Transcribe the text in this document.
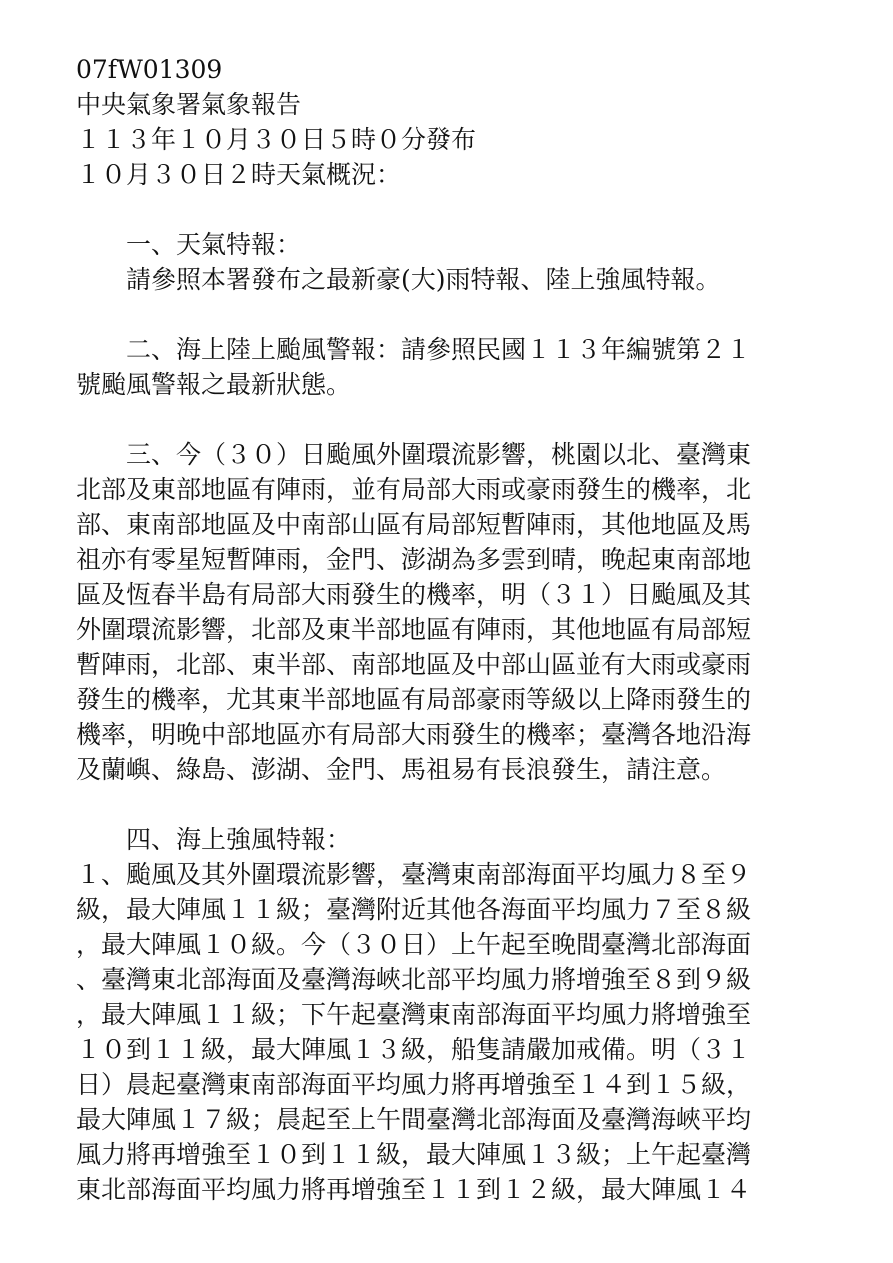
07fW01309
中央氣象署氣象報告
１１３年１０月３０日５時０分發布
１０月３０日２時天氣概況：
　　一、天氣特報：
　　請參照本署發布之最新豪(大)雨特報、陸上強風特報。
　　二、海上陸上颱風警報：請參照民國１１３年編號第２１
號颱風警報之最新狀態。
　　三、今（３０）日颱風外圍環流影響，桃園以北、臺灣東
北部及東部地區有陣雨，並有局部大雨或豪雨發生的機率，北
部、東南部地區及中南部山區有局部短暫陣雨，其他地區及馬
祖亦有零星短暫陣雨，金門、澎湖為多雲到晴，晚起東南部地
區及恆春半島有局部大雨發生的機率，明（３１）日颱風及其
外圍環流影響，北部及東半部地區有陣雨，其他地區有局部短
暫陣雨，北部、東半部、南部地區及中部山區並有大雨或豪雨
發生的機率，尤其東半部地區有局部豪雨等級以上降雨發生的
機率，明晚中部地區亦有局部大雨發生的機率；臺灣各地沿海
及蘭嶼、綠島、澎湖、金門、馬祖易有長浪發生，請注意。
　　四、海上強風特報：
１、颱風及其外圍環流影響，臺灣東南部海面平均風力８至９
級，最大陣風１１級；臺灣附近其他各海面平均風力７至８級
，最大陣風１０級。今（３０日）上午起至晚間臺灣北部海面
、臺灣東北部海面及臺灣海峽北部平均風力將增強至８到９級
，最大陣風１１級；下午起臺灣東南部海面平均風力將增強至
１０到１１級，最大陣風１３級，船隻請嚴加戒備。明（３１
日）晨起臺灣東南部海面平均風力將再增強至１４到１５級，
最大陣風１７級；晨起至上午間臺灣北部海面及臺灣海峽平均
風力將再增強至１０到１１級，最大陣風１３級；上午起臺灣
東北部海面平均風力將再增強至１１到１２級，最大陣風１４
